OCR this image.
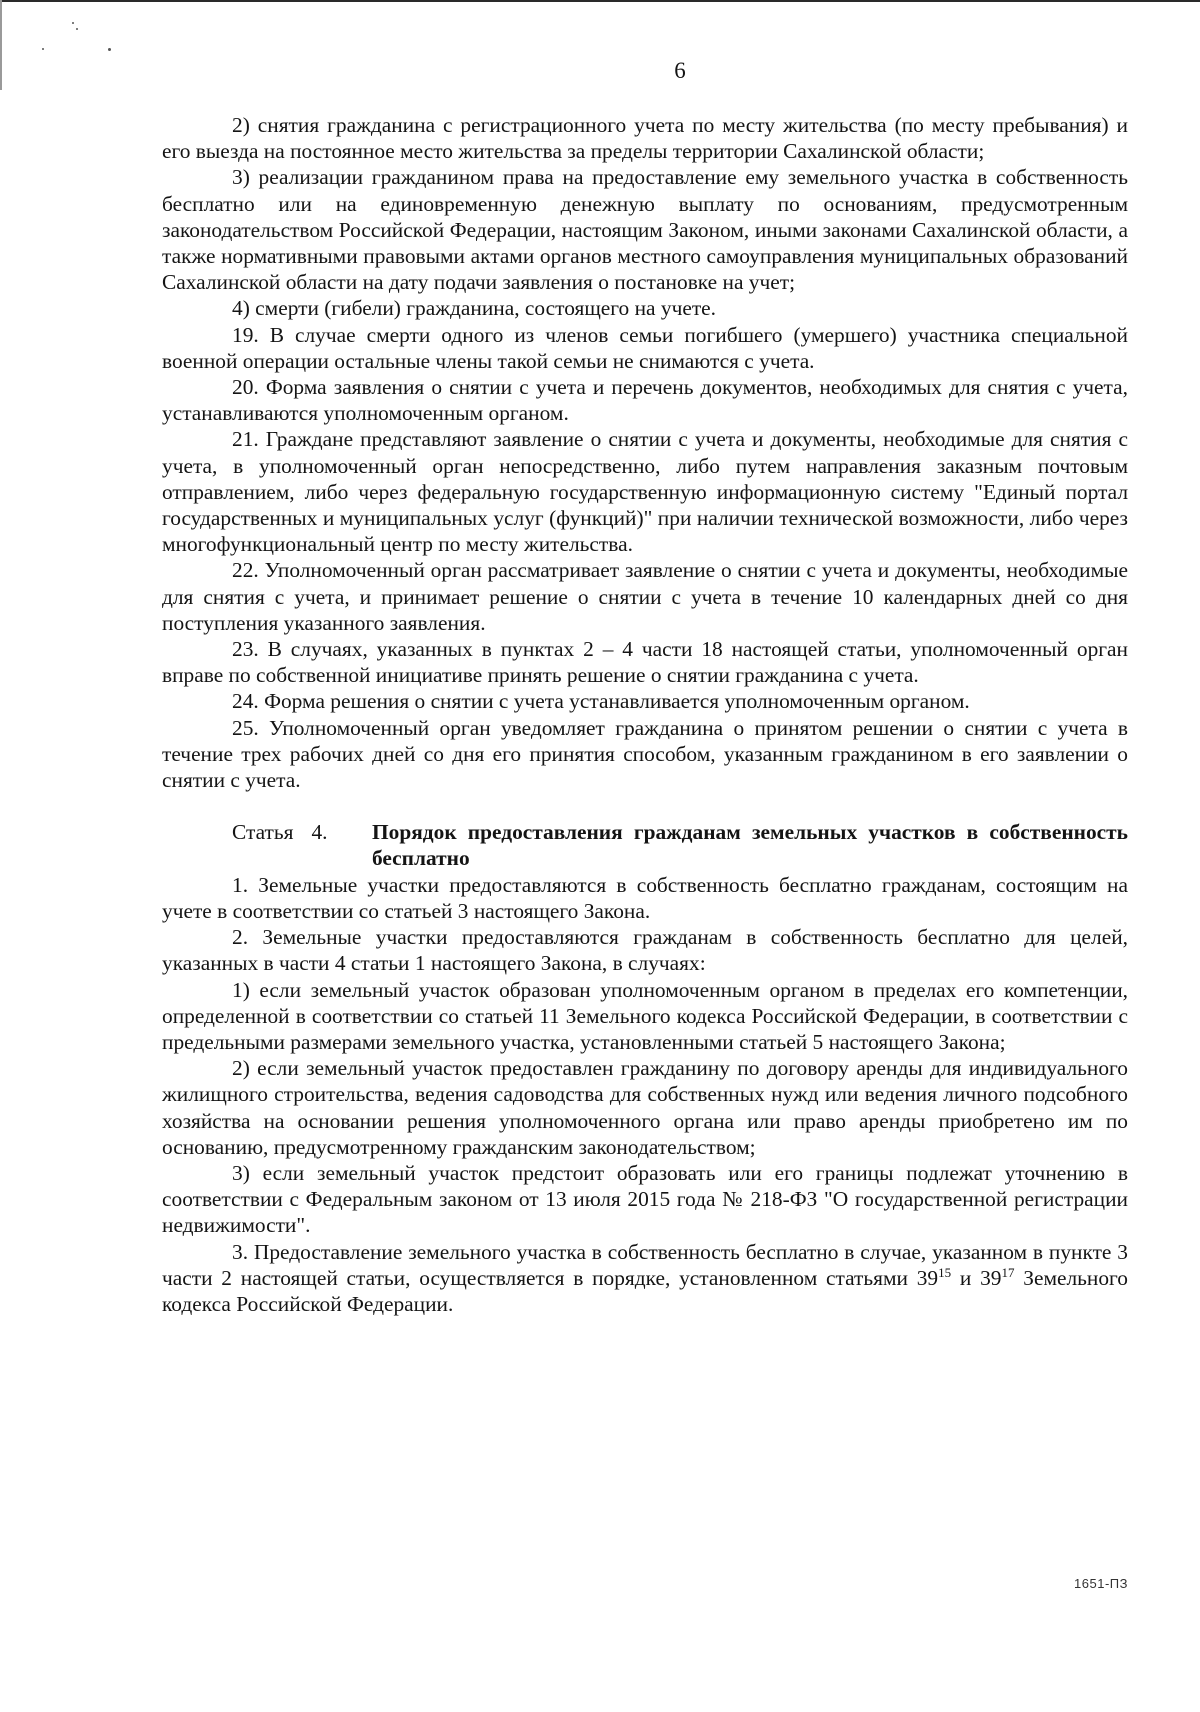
6

2) снятия гражданина с регистрационного учета по месту жительства (по месту пребывания) и его выезда на постоянное место жительства за пределы территории Сахалинской области;

3) реализации гражданином права на предоставление ему земельного участка в собственность бесплатно или на единовременную денежную выплату по основаниям, предусмотренным законодательством Российской Федерации, настоящим Законом, иными законами Сахалинской области, а также нормативными правовыми актами органов местного самоуправления муниципальных образований Сахалинской области на дату подачи заявления о постановке на учет;

4) смерти (гибели) гражданина, состоящего на учете.

19. В случае смерти одного из членов семьи погибшего (умершего) участника специальной военной операции остальные члены такой семьи не снимаются с учета.

20. Форма заявления о снятии с учета и перечень документов, необходимых для снятия с учета, устанавливаются уполномоченным органом.

21. Граждане представляют заявление о снятии с учета и документы, необходимые для снятия с учета, в уполномоченный орган непосредственно, либо путем направления заказным почтовым отправлением, либо через федеральную государственную информационную систему "Единый портал государственных и муниципальных услуг (функций)" при наличии технической возможности, либо через многофункциональный центр по месту жительства.

22. Уполномоченный орган рассматривает заявление о снятии с учета и документы, необходимые для снятия с учета, и принимает решение о снятии с учета в течение 10 календарных дней со дня поступления указанного заявления.

23. В случаях, указанных в пунктах 2 – 4 части 18 настоящей статьи, уполномоченный орган вправе по собственной инициативе принять решение о снятии гражданина с учета.

24. Форма решения о снятии с учета устанавливается уполномоченным органом.

25. Уполномоченный орган уведомляет гражданина о принятом решении о снятии с учета в течение трех рабочих дней со дня его принятия способом, указанным гражданином в его заявлении о снятии с учета.

Статья 4.	Порядок предоставления гражданам земельных участков в собственность бесплатно

1. Земельные участки предоставляются в собственность бесплатно гражданам, состоящим на учете в соответствии со статьей 3 настоящего Закона.

2. Земельные участки предоставляются гражданам в собственность бесплатно для целей, указанных в части 4 статьи 1 настоящего Закона, в случаях:

1) если земельный участок образован уполномоченным органом в пределах его компетенции, определенной в соответствии со статьей 11 Земельного кодекса Российской Федерации, в соответствии с предельными размерами земельного участка, установленными статьей 5 настоящего Закона;

2) если земельный участок предоставлен гражданину по договору аренды для индивидуального жилищного строительства, ведения садоводства для собственных нужд или ведения личного подсобного хозяйства на основании решения уполномоченного органа или право аренды приобретено им по основанию, предусмотренному гражданским законодательством;

3) если земельный участок предстоит образовать или его границы подлежат уточнению в соответствии с Федеральным законом от 13 июля 2015 года № 218-ФЗ "О государственной регистрации недвижимости".

3. Предоставление земельного участка в собственность бесплатно в случае, указанном в пункте 3 части 2 настоящей статьи, осуществляется в порядке, установленном статьями $39^{15}$ и $39^{17}$ Земельного кодекса Российской Федерации.

1651-ПЗ
